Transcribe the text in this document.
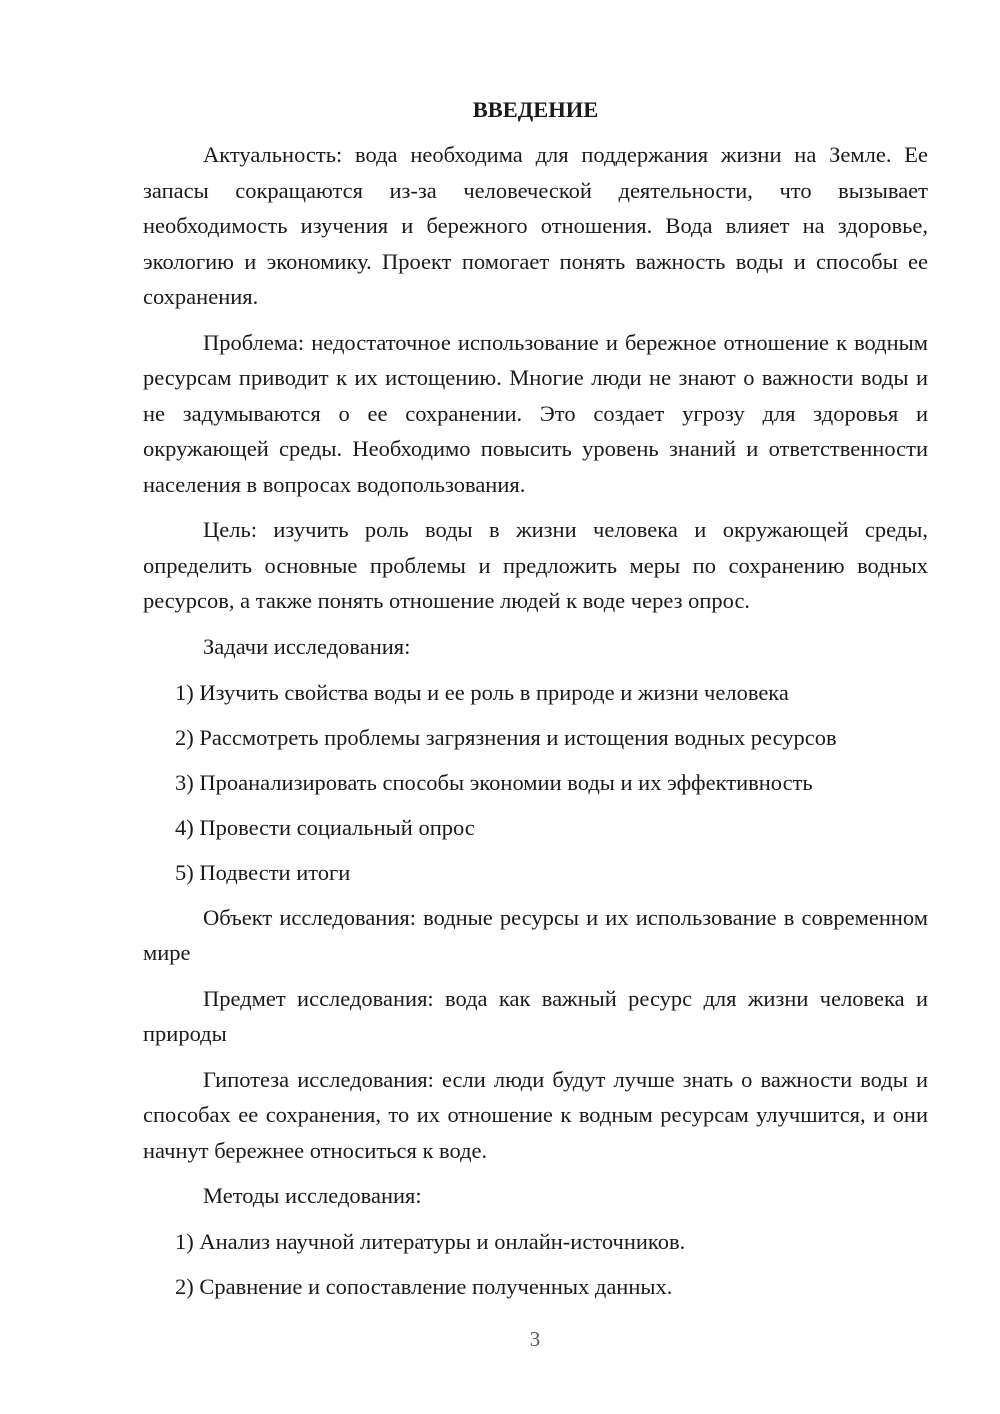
ВВЕДЕНИЕ

Актуальность: вода необходима для поддержания жизни на Земле. Ее запасы сокращаются из-за человеческой деятельности, что вызывает необходимость изучения и бережного отношения. Вода влияет на здоровье, экологию и экономику. Проект помогает понять важность воды и способы ее сохранения.

Проблема: недостаточное использование и бережное отношение к водным ресурсам приводит к их истощению. Многие люди не знают о важности воды и не задумываются о ее сохранении. Это создает угрозу для здоровья и окружающей среды. Необходимо повысить уровень знаний и ответственности населения в вопросах водопользования.

Цель: изучить роль воды в жизни человека и окружающей среды, определить основные проблемы и предложить меры по сохранению водных ресурсов, а также понять отношение людей к воде через опрос.

Задачи исследования:
1) Изучить свойства воды и ее роль в природе и жизни человека
2) Рассмотреть проблемы загрязнения и истощения водных ресурсов
3) Проанализировать способы экономии воды и их эффективность
4) Провести социальный опрос
5) Подвести итоги

Объект исследования: водные ресурсы и их использование в современном мире

Предмет исследования: вода как важный ресурс для жизни человека и природы

Гипотеза исследования: если люди будут лучше знать о важности воды и способах ее сохранения, то их отношение к водным ресурсам улучшится, и они начнут бережнее относиться к воде.

Методы исследования:
1) Анализ научной литературы и онлайн-источников.
2) Сравнение и сопоставление полученных данных.
3
